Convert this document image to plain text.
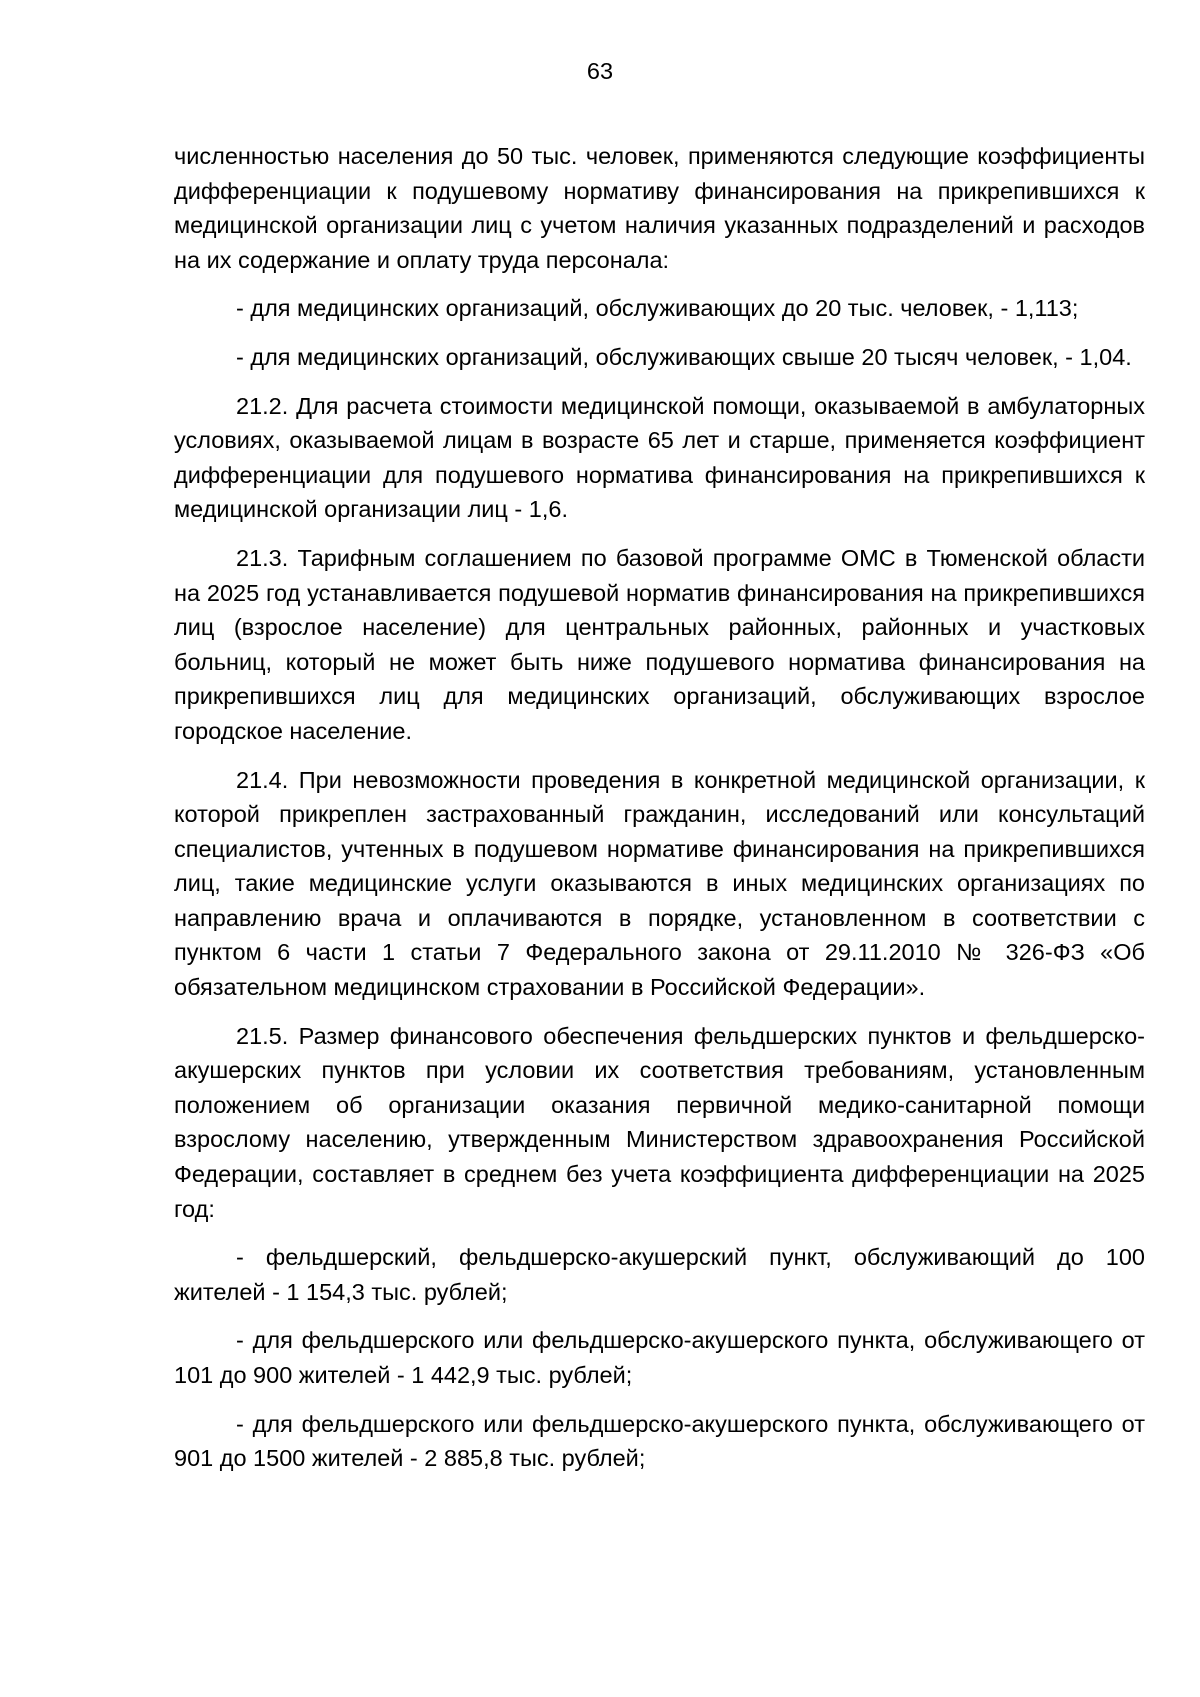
63

численностью населения до 50 тыс. человек, применяются следующие коэффициенты дифференциации к подушевому нормативу финансирования на прикрепившихся к медицинской организации лиц с учетом наличия указанных подразделений и расходов на их содержание и оплату труда персонала:

- для медицинских организаций, обслуживающих до 20 тыс. человек, - 1,113;

- для медицинских организаций, обслуживающих свыше 20 тысяч человек, - 1,04.

21.2. Для расчета стоимости медицинской помощи, оказываемой в амбулаторных условиях, оказываемой лицам в возрасте 65 лет и старше, применяется коэффициент дифференциации для подушевого норматива финансирования на прикрепившихся к медицинской организации лиц - 1,6.

21.3. Тарифным соглашением по базовой программе ОМС в Тюменской области на 2025 год устанавливается подушевой норматив финансирования на прикрепившихся лиц (взрослое население) для центральных районных, районных и участковых больниц, который не может быть ниже подушевого норматива финансирования на прикрепившихся лиц для медицинских организаций, обслуживающих взрослое городское население.

21.4. При невозможности проведения в конкретной медицинской организации, к которой прикреплен застрахованный гражданин, исследований или консультаций специалистов, учтенных в подушевом нормативе финансирования на прикрепившихся лиц, такие медицинские услуги оказываются в иных медицинских организациях по направлению врача и оплачиваются в порядке, установленном в соответствии с пунктом 6 части 1 статьи 7 Федерального закона от 29.11.2010 № 326-ФЗ «Об обязательном медицинском страховании в Российской Федерации».

21.5. Размер финансового обеспечения фельдшерских пунктов и фельдшерско-акушерских пунктов при условии их соответствия требованиям, установленным положением об организации оказания первичной медико-санитарной помощи взрослому населению, утвержденным Министерством здравоохранения Российской Федерации, составляет в среднем без учета коэффициента дифференциации на 2025 год:

- фельдшерский, фельдшерско-акушерский пункт, обслуживающий до 100 жителей - 1 154,3 тыс. рублей;

- для фельдшерского или фельдшерско-акушерского пункта, обслуживающего от 101 до 900 жителей - 1 442,9 тыс. рублей;

- для фельдшерского или фельдшерско-акушерского пункта, обслуживающего от 901 до 1500 жителей - 2 885,8 тыс. рублей;
